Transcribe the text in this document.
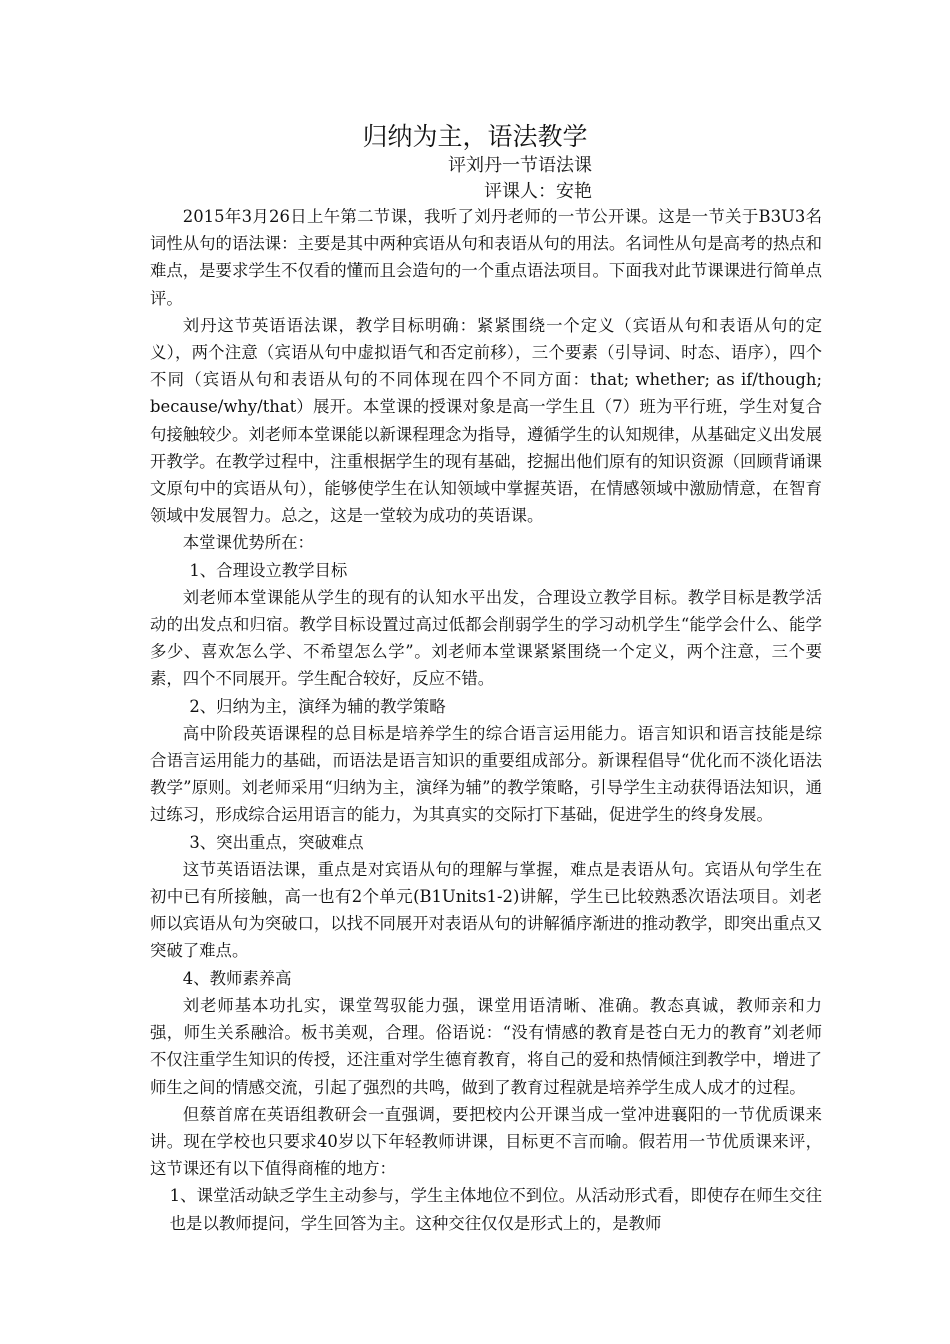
归纳为主，语法教学
评刘丹一节语法课
评课人：安艳

2015年3月26日上午第二节课，我听了刘丹老师的一节公开课。这是一节关于B3U3名词性从句的语法课：主要是其中两种宾语从句和表语从句的用法。名词性从句是高考的热点和难点，是要求学生不仅看的懂而且会造句的一个重点语法项目。下面我对此节课课进行简单点评。

刘丹这节英语语法课，教学目标明确：紧紧围绕一个定义（宾语从句和表语从句的定义），两个注意（宾语从句中虚拟语气和否定前移），三个要素（引导词、时态、语序），四个不同（宾语从句和表语从句的不同体现在四个不同方面：that; whether; as if/though; because/why/that）展开。本堂课的授课对象是高一学生且（7）班为平行班，学生对复合句接触较少。刘老师本堂课能以新课程理念为指导，遵循学生的认知规律，从基础定义出发展开教学。在教学过程中，注重根据学生的现有基础，挖掘出他们原有的知识资源（回顾背诵课文原句中的宾语从句），能够使学生在认知领域中掌握英语，在情感领域中激励情意，在智育领域中发展智力。总之，这是一堂较为成功的英语课。

本堂课优势所在：

1、合理设立教学目标

刘老师本堂课能从学生的现有的认知水平出发，合理设立教学目标。教学目标是教学活动的出发点和归宿。教学目标设置过高过低都会削弱学生的学习动机学生“能学会什么、能学多少、喜欢怎么学、不希望怎么学”。刘老师本堂课紧紧围绕一个定义，两个注意，三个要素，四个不同展开。学生配合较好，反应不错。

2、归纳为主，演绎为辅的教学策略

高中阶段英语课程的总目标是培养学生的综合语言运用能力。语言知识和语言技能是综合语言运用能力的基础，而语法是语言知识的重要组成部分。新课程倡导“优化而不淡化语法教学”原则。刘老师采用“归纳为主，演绎为辅”的教学策略，引导学生主动获得语法知识，通过练习，形成综合运用语言的能力，为其真实的交际打下基础，促进学生的终身发展。

3、突出重点，突破难点

这节英语语法课，重点是对宾语从句的理解与掌握，难点是表语从句。宾语从句学生在初中已有所接触，高一也有2个单元(B1Units1-2)讲解，学生已比较熟悉次语法项目。刘老师以宾语从句为突破口，以找不同展开对表语从句的讲解循序渐进的推动教学，即突出重点又突破了难点。

4、教师素养高

刘老师基本功扎实，课堂驾驭能力强，课堂用语清晰、准确。教态真诚，教师亲和力强，师生关系融洽。板书美观，合理。俗语说：“没有情感的教育是苍白无力的教育”刘老师不仅注重学生知识的传授，还注重对学生德育教育，将自己的爱和热情倾注到教学中，增进了师生之间的情感交流，引起了强烈的共鸣，做到了教育过程就是培养学生成人成才的过程。

但蔡首席在英语组教研会一直强调，要把校内公开课当成一堂冲进襄阳的一节优质课来讲。现在学校也只要求40岁以下年轻教师讲课，目标更不言而喻。假若用一节优质课来评，这节课还有以下值得商榷的地方：

1、课堂活动缺乏学生主动参与，学生主体地位不到位。从活动形式看，即使存在师生交往也是以教师提问，学生回答为主。这种交往仅仅是形式上的，是教师
